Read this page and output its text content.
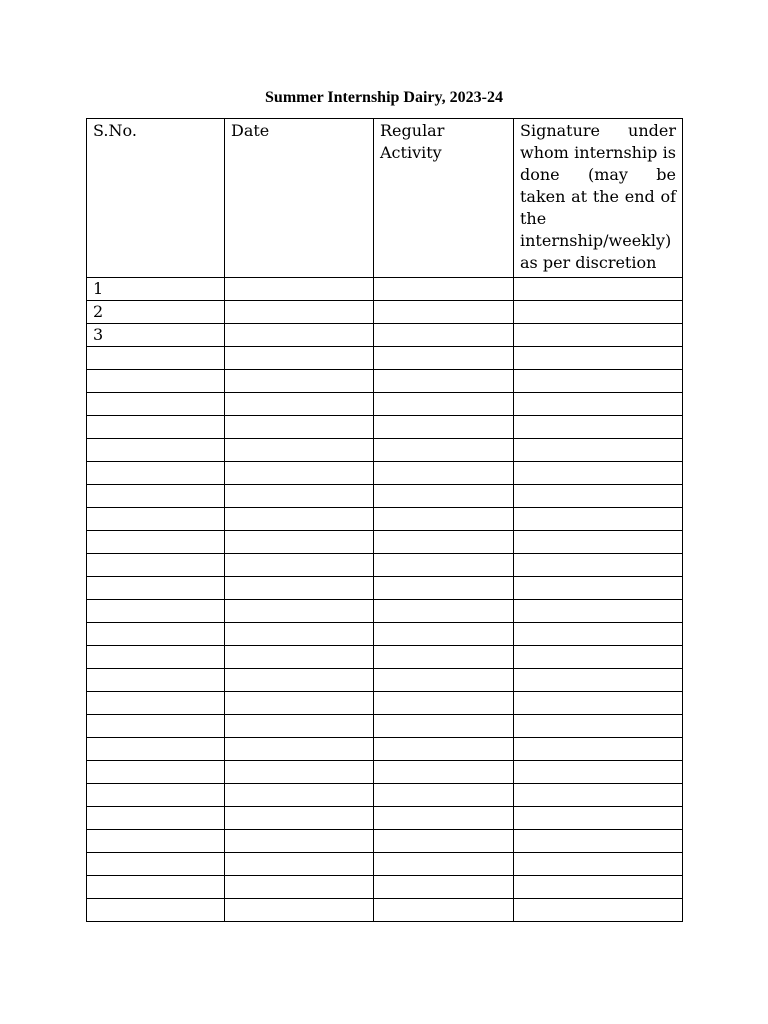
Summer Internship Dairy, 2023-24
S.No.	Date	Regular Activity	Signature under whom internship is done (may be taken at the end of the internship/weekly) as per discretion
1			
2			
3			
